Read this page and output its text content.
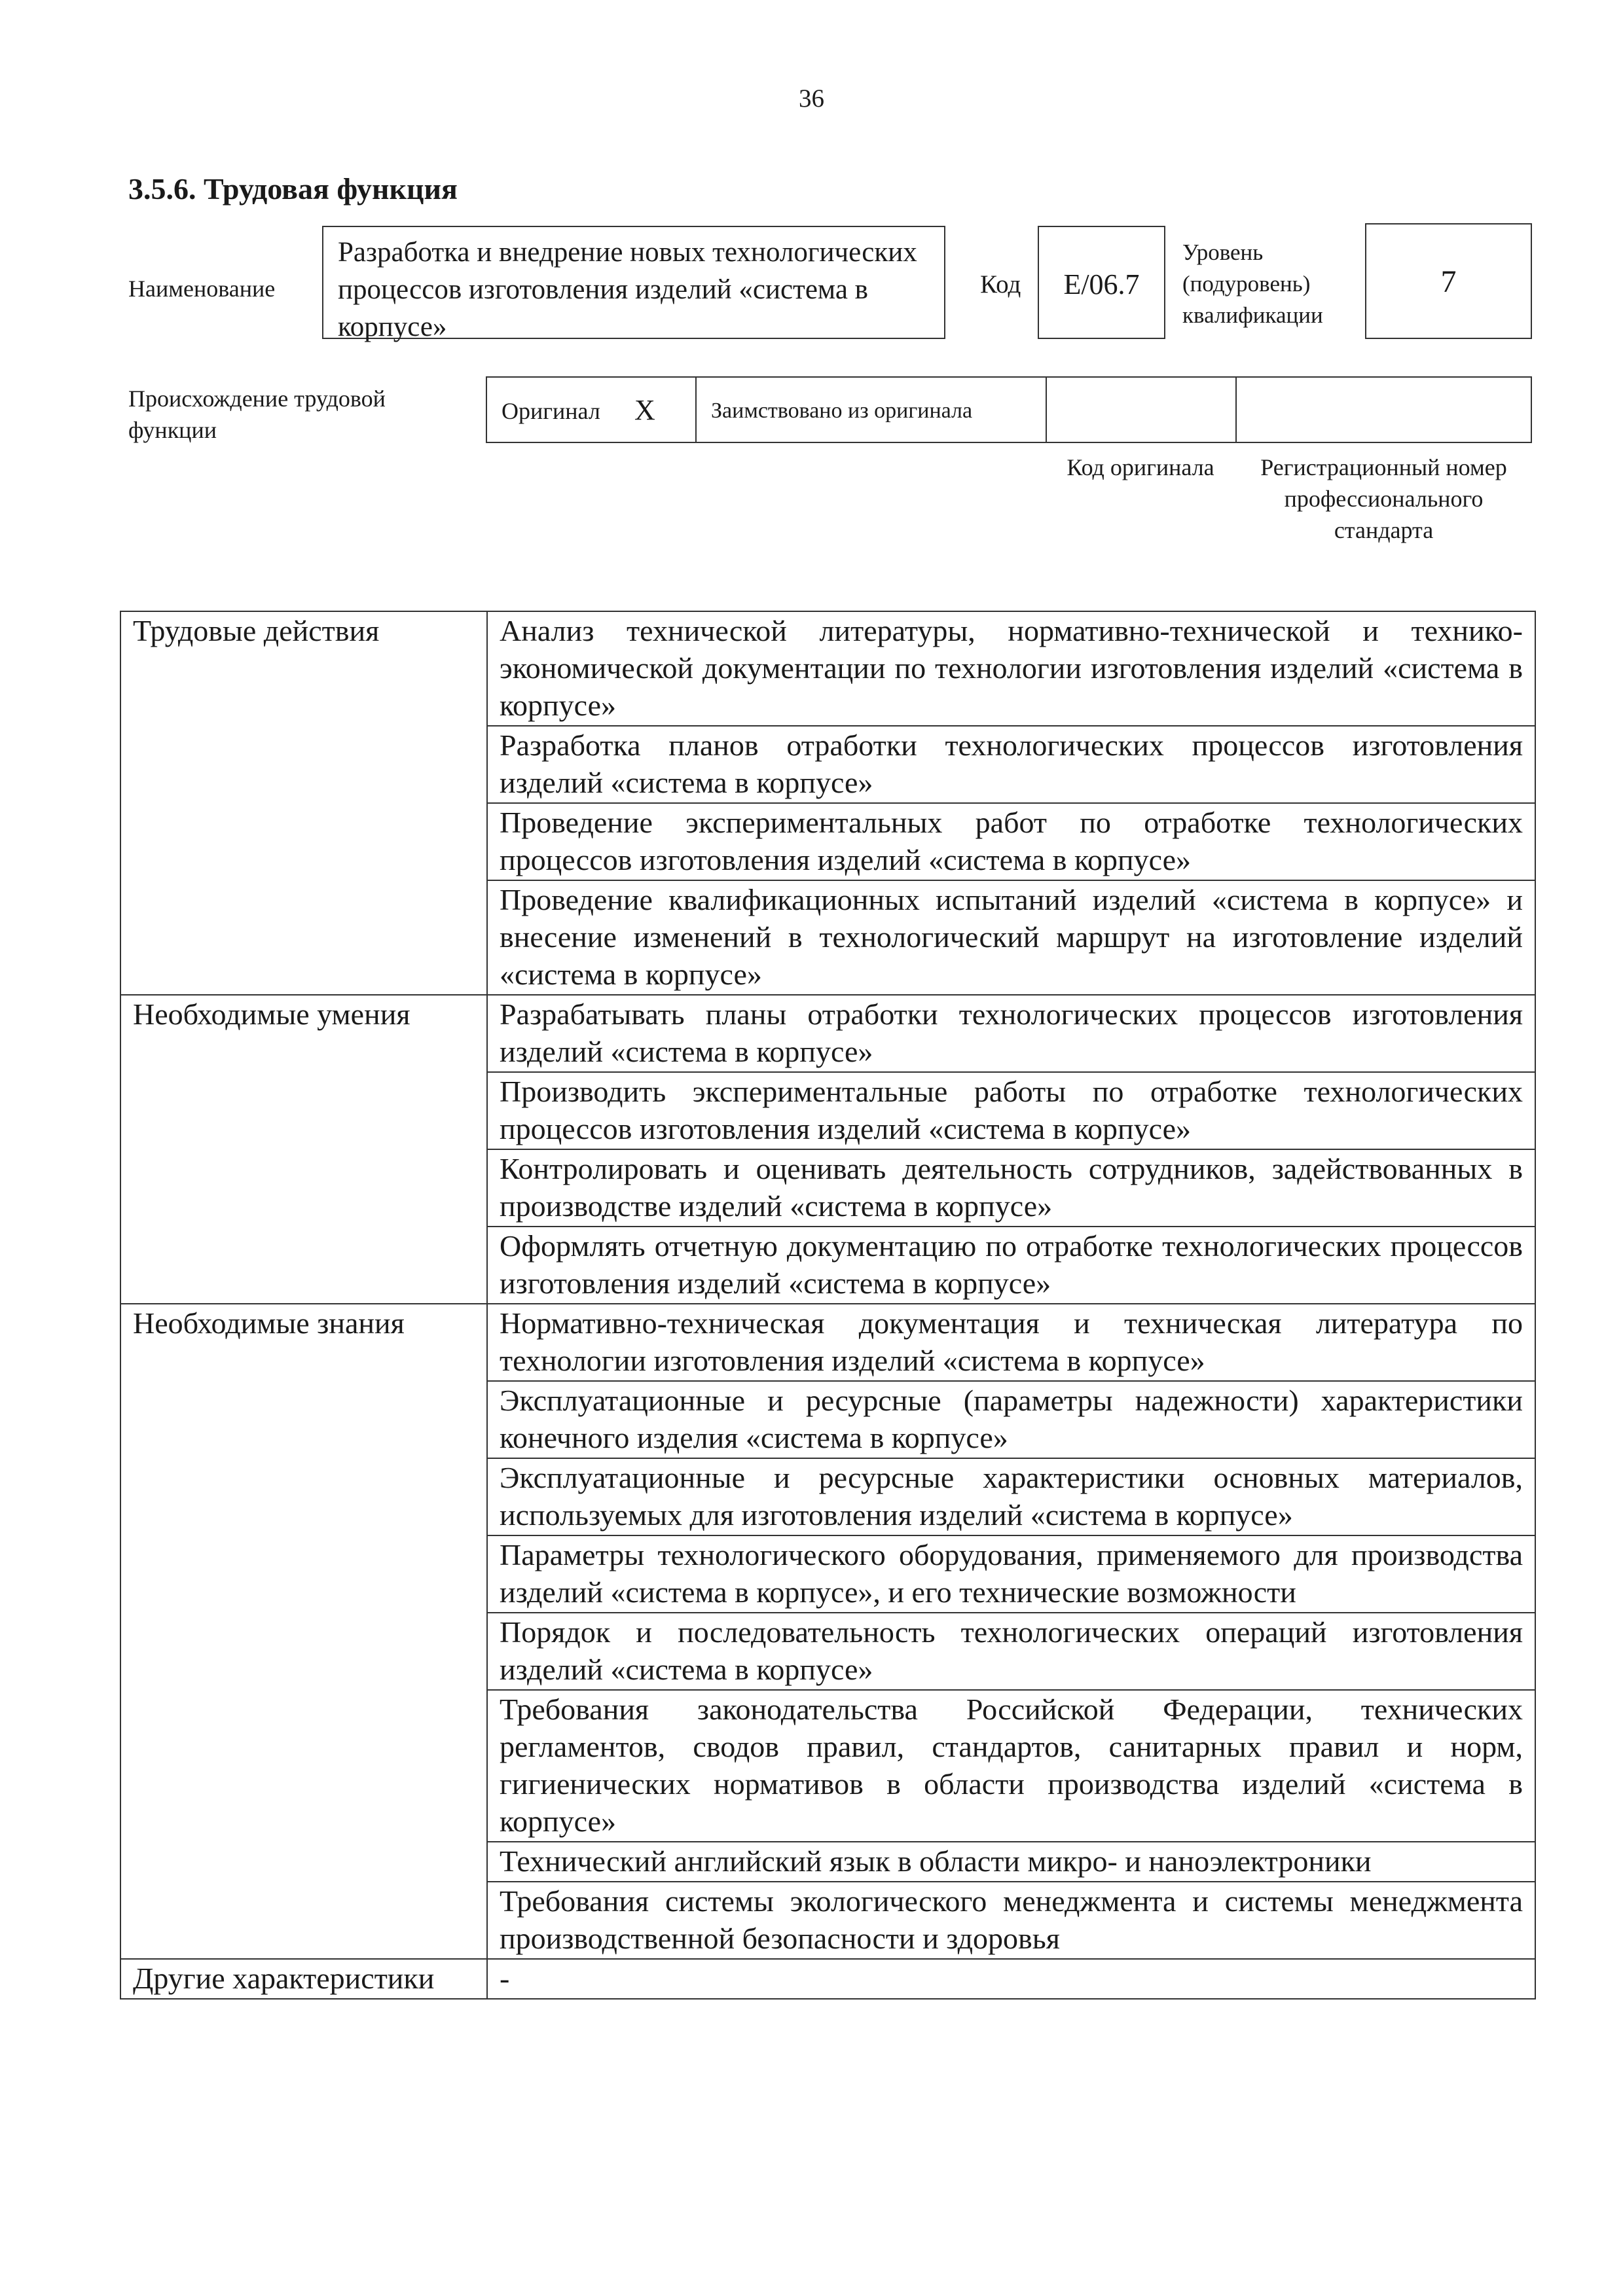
36
3.5.6. Трудовая функция
Наименование
Разработка и внедрение новых технологических процессов изготовления изделий «система в корпусе»
Код	E/06.7
Уровень
(подуровень)
квалификации
7
Происхождение трудовой функции
Оригинал X	Заимствовано из оригинала
Код оригинала	Регистрационный номер профессионального стандарта
Трудовые действия	Анализ технической литературы, нормативно-технической и технико-экономической документации по технологии изготовления изделий «система в корпусе»
	Разработка планов отработки технологических процессов изготовления изделий «система в корпусе»
	Проведение экспериментальных работ по отработке технологических процессов изготовления изделий «система в корпусе»
	Проведение квалификационных испытаний изделий «система в корпусе» и внесение изменений в технологический маршрут на изготовление изделий «система в корпусе»
Необходимые умения	Разрабатывать планы отработки технологических процессов изготовления изделий «система в корпусе»
	Производить экспериментальные работы по отработке технологических процессов изготовления изделий «система в корпусе»
	Контролировать и оценивать деятельность сотрудников, задействованных в производстве изделий «система в корпусе»
	Оформлять отчетную документацию по отработке технологических процессов изготовления изделий «система в корпусе»
Необходимые знания	Нормативно-техническая документация и техническая литература по технологии изготовления изделий «система в корпусе»
	Эксплуатационные и ресурсные (параметры надежности) характеристики конечного изделия «система в корпусе»
	Эксплуатационные и ресурсные характеристики основных материалов, используемых для изготовления изделий «система в корпусе»
	Параметры технологического оборудования, применяемого для производства изделий «система в корпусе», и его технические возможности
	Порядок и последовательность технологических операций изготовления изделий «система в корпусе»
	Требования законодательства Российской Федерации, технических регламентов, сводов правил, стандартов, санитарных правил и норм, гигиенических нормативов в области производства изделий «система в корпусе»
	Технический английский язык в области микро- и наноэлектроники
	Требования системы экологического менеджмента и системы менеджмента производственной безопасности и здоровья
Другие характеристики	-
